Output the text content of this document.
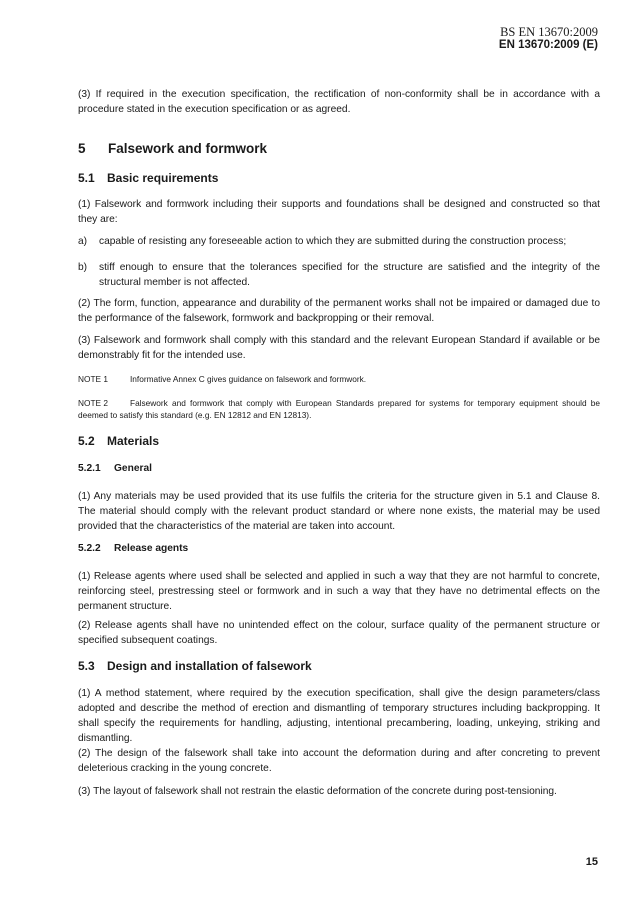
BS EN 13670:2009
EN 13670:2009 (E)

(3) If required in the execution specification, the rectification of non-conformity shall be in accordance with a procedure stated in the execution specification or as agreed.

5 Falsework and formwork
5.1 Basic requirements

(1) Falsework and formwork including their supports and foundations shall be designed and constructed so that they are:

a) capable of resisting any foreseeable action to which they are submitted during the construction process;
b) stiff enough to ensure that the tolerances specified for the structure are satisfied and the integrity of the structural member is not affected.

(2) The form, function, appearance and durability of the permanent works shall not be impaired or damaged due to the performance of the falsework, formwork and backpropping or their removal.

(3) Falsework and formwork shall comply with this standard and the relevant European Standard if available or be demonstrably fit for the intended use.

NOTE 1	Informative Annex C gives guidance on falsework and formwork.
NOTE 2	Falsework and formwork that comply with European Standards prepared for systems for temporary equipment should be deemed to satisfy this standard (e.g. EN 12812 and EN 12813).
5.2 Materials
5.2.1 General

(1) Any materials may be used provided that its use fulfils the criteria for the structure given in 5.1 and Clause 8. The material should comply with the relevant product standard or where none exists, the material may be used provided that the characteristics of the material are taken into account.

5.2.2 Release agents

(1) Release agents where used shall be selected and applied in such a way that they are not harmful to concrete, reinforcing steel, prestressing steel or formwork and in such a way that they have no detrimental effects on the permanent structure.

(2) Release agents shall have no unintended effect on the colour, surface quality of the permanent structure or specified subsequent coatings.

5.3 Design and installation of falsework

(1) A method statement, where required by the execution specification, shall give the design parameters/class adopted and describe the method of erection and dismantling of temporary structures including backpropping. It shall specify the requirements for handling, adjusting, intentional precambering, loading, unkeying, striking and dismantling.

(2) The design of the falsework shall take into account the deformation during and after concreting to prevent deleterious cracking in the young concrete.

(3) The layout of falsework shall not restrain the elastic deformation of the concrete during post-tensioning.

15
